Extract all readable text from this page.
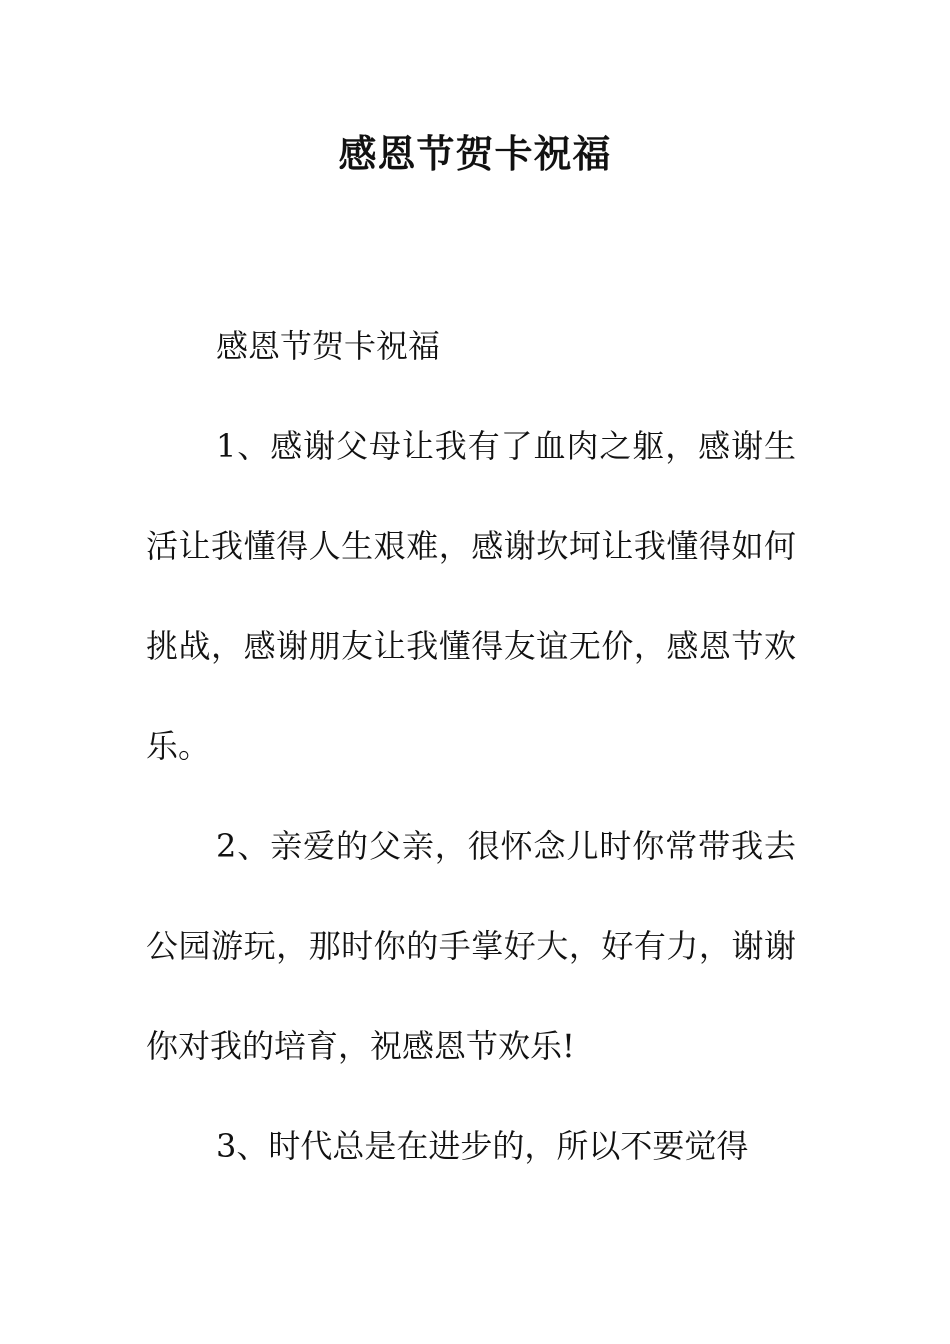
感恩节贺卡祝福

感恩节贺卡祝福

1、感谢父母让我有了血肉之躯，感谢生活让我懂得人生艰难，感谢坎坷让我懂得如何挑战，感谢朋友让我懂得友谊无价，感恩节欢乐。

2、亲爱的父亲，很怀念儿时你常带我去公园游玩，那时你的手掌好大，好有力，谢谢你对我的培育，祝感恩节欢乐!

3、时代总是在进步的，所以不要觉得
